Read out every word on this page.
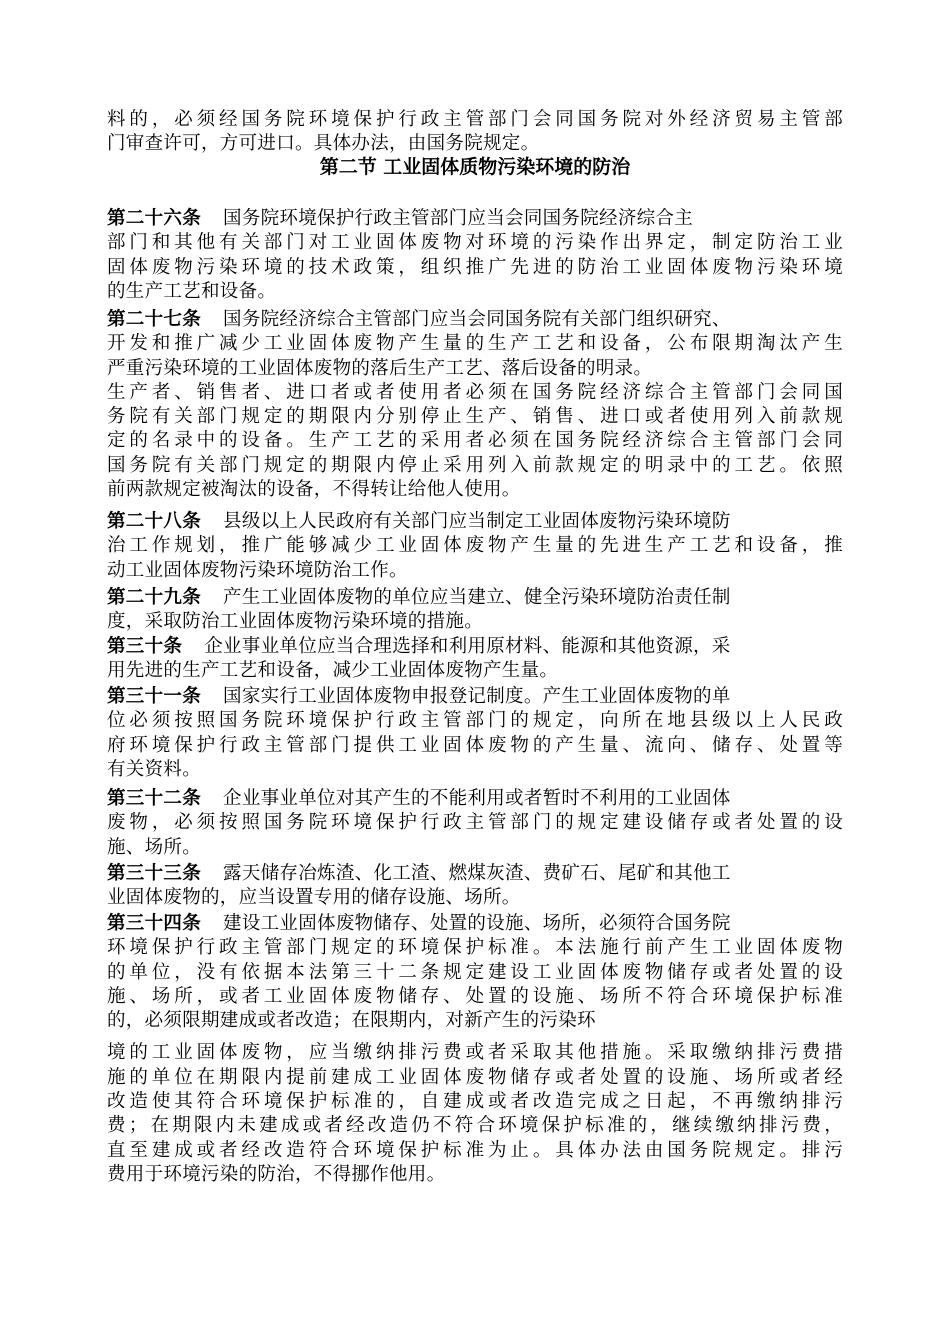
料的，必须经国务院环境保护行政主管部门会同国务院对外经济贸易主管部
门审查许可，方可进口。具体办法，由国务院规定。
第二节 工业固体质物污染环境的防治
第二十六条 国务院环境保护行政主管部门应当会同国务院经济综合主
部门和其他有关部门对工业固体废物对环境的污染作出界定，制定防治工业
固体废物污染环境的技术政策，组织推广先进的防治工业固体废物污染环境
的生产工艺和设备。
第二十七条 国务院经济综合主管部门应当会同国务院有关部门组织研究、
开发和推广减少工业固体废物产生量的生产工艺和设备，公布限期淘汰产生
严重污染环境的工业固体废物的落后生产工艺、落后设备的明录。
生产者、销售者、进口者或者使用者必须在国务院经济综合主管部门会同国
务院有关部门规定的期限内分别停止生产、销售、进口或者使用列入前款规
定的名录中的设备。生产工艺的采用者必须在国务院经济综合主管部门会同
国务院有关部门规定的期限内停止采用列入前款规定的明录中的工艺。依照
前两款规定被淘汰的设备，不得转让给他人使用。
第二十八条 县级以上人民政府有关部门应当制定工业固体废物污染环境防
治工作规划，推广能够减少工业固体废物产生量的先进生产工艺和设备，推
动工业固体废物污染环境防治工作。
第二十九条 产生工业固体废物的单位应当建立、健全污染环境防治责任制
度，采取防治工业固体废物污染环境的措施。
第三十条 企业事业单位应当合理选择和利用原材料、能源和其他资源，采
用先进的生产工艺和设备，减少工业固体废物产生量。
第三十一条 国家实行工业固体废物申报登记制度。产生工业固体废物的单
位必须按照国务院环境保护行政主管部门的规定，向所在地县级以上人民政
府环境保护行政主管部门提供工业固体废物的产生量、流向、储存、处置等
有关资料。
第三十二条 企业事业单位对其产生的不能利用或者暂时不利用的工业固体
废物，必须按照国务院环境保护行政主管部门的规定建设储存或者处置的设
施、场所。
第三十三条 露天储存冶炼渣、化工渣、燃煤灰渣、费矿石、尾矿和其他工
业固体废物的，应当设置专用的储存设施、场所。
第三十四条 建设工业固体废物储存、处置的设施、场所，必须符合国务院
环境保护行政主管部门规定的环境保护标准。本法施行前产生工业固体废物
的单位，没有依据本法第三十二条规定建设工业固体废物储存或者处置的设
施、场所，或者工业固体废物储存、处置的设施、场所不符合环境保护标准
的，必须限期建成或者改造；在限期内，对新产生的污染环
境的工业固体废物，应当缴纳排污费或者采取其他措施。采取缴纳排污费措
施的单位在期限内提前建成工业固体废物储存或者处置的设施、场所或者经
改造使其符合环境保护标准的，自建成或者改造完成之日起，不再缴纳排污
费；在期限内未建成或者经改造仍不符合环境保护标准的，继续缴纳排污费，
直至建成或者经改造符合环境保护标准为止。具体办法由国务院规定。排污
费用于环境污染的防治，不得挪作他用。
